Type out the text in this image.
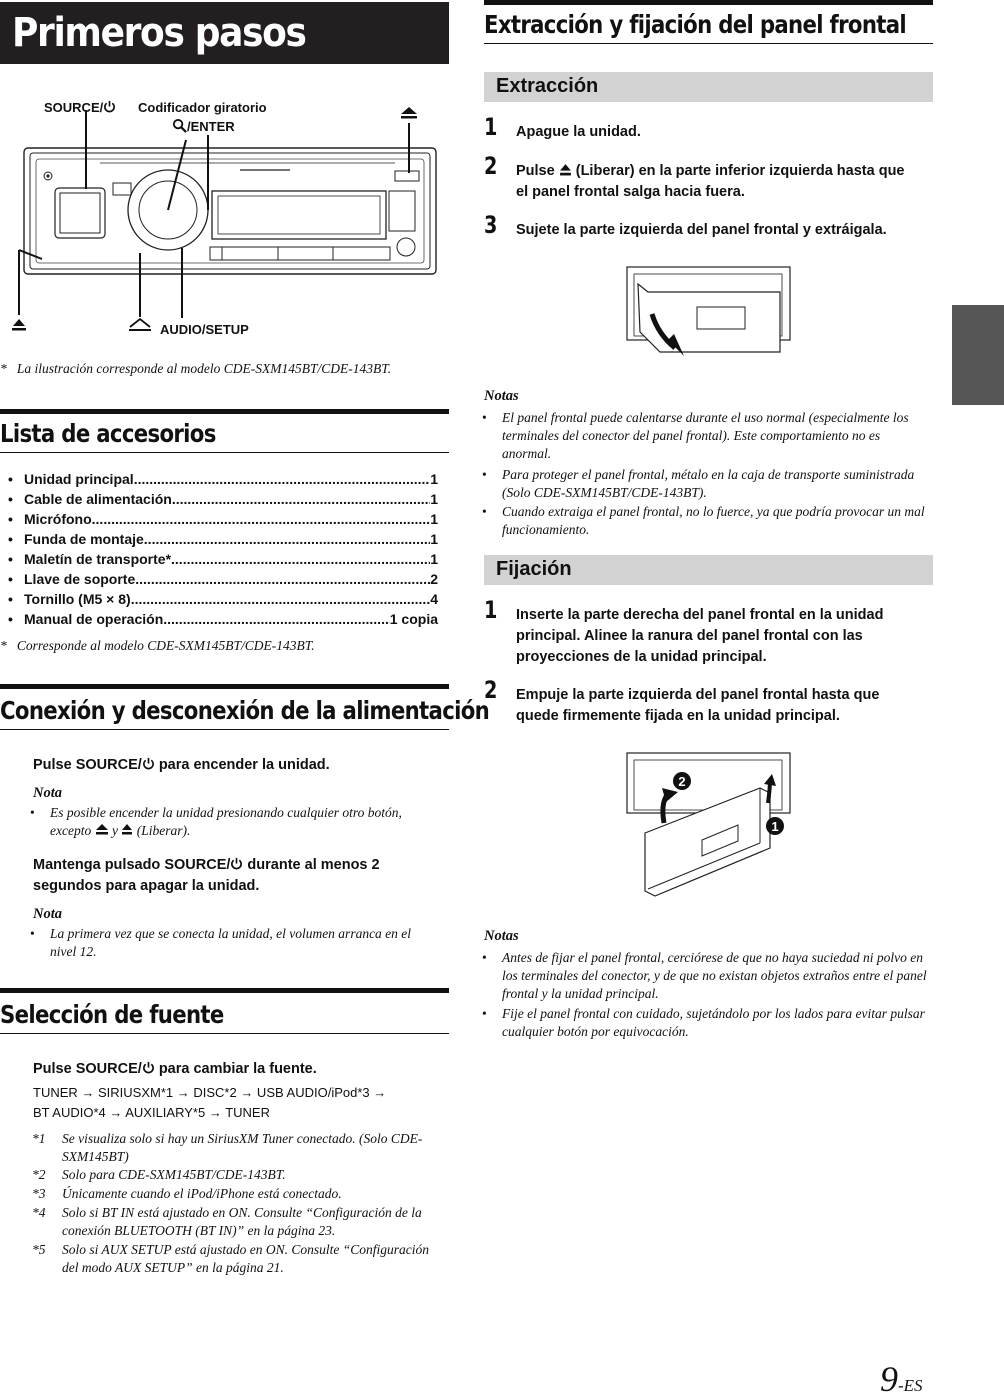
Primeros pasos
SOURCE/	Codificador giratorio
/ENTER
AUDIO/SETUP
*   La ilustración corresponde al modelo CDE-SXM145BT/CDE-143BT.
Lista de accesorios
• Unidad principal .....	1
• Cable de alimentación .....	1
• Micrófono .....	1
• Funda de montaje .....	1
• Maletín de transporte* .....	1
• Llave de soporte .....	2
• Tornillo (M5 × 8) .....	4
• Manual de operación .....	1 copia
*   Corresponde al modelo CDE-SXM145BT/CDE-143BT.
Conexión y desconexión de la alimentación
Pulse SOURCE/ para encender la unidad.
Nota
• Es posible encender la unidad presionando cualquier otro botón,
excepto y (Liberar).
Mantenga pulsado SOURCE/ durante al menos 2
segundos para apagar la unidad.
Nota
• La primera vez que se conecta la unidad, el volumen arranca en el nivel 12.
Selección de fuente
Pulse SOURCE/ para cambiar la fuente.
TUNER → SIRIUSXM*1 → DISC*2 → USB AUDIO/iPod*3 →
BT AUDIO*4 → AUXILIARY*5 → TUNER
*1 Se visualiza solo si hay un SiriusXM Tuner conectado. (Solo CDE-SXM145BT)
*2 Solo para CDE-SXM145BT/CDE-143BT.
*3 Únicamente cuando el iPod/iPhone está conectado.
*4 Solo si BT IN está ajustado en ON. Consulte “Configuración de la conexión BLUETOOTH (BT IN)” en la página 23.
*5 Solo si AUX SETUP está ajustado en ON. Consulte “Configuración del modo AUX SETUP” en la página 21.
Extracción y fijación del panel frontal
Extracción
1 Apague la unidad.
2 Pulse (Liberar) en la parte inferior izquierda hasta que
el panel frontal salga hacia fuera.
3 Sujete la parte izquierda del panel frontal y extráigala.
Notas
• El panel frontal puede calentarse durante el uso normal (especialmente los terminales del conector del panel frontal). Este comportamiento no es anormal.
• Para proteger el panel frontal, métalo en la caja de transporte suministrada (Solo CDE-SXM145BT/CDE-143BT).
• Cuando extraiga el panel frontal, no lo fuerce, ya que podría provocar un mal funcionamiento.
Fijación
1 Inserte la parte derecha del panel frontal en la unidad principal. Alinee la ranura del panel frontal con las proyecciones de la unidad principal.
2 Empuje la parte izquierda del panel frontal hasta que quede firmemente fijada en la unidad principal.
2
1
Notas
• Antes de fijar el panel frontal, cerciórese de que no haya suciedad ni polvo en los terminales del conector, y de que no existan objetos extraños entre el panel frontal y la unidad principal.
• Fije el panel frontal con cuidado, sujetándolo por los lados para evitar pulsar cualquier botón por equivocación.
9-ES
